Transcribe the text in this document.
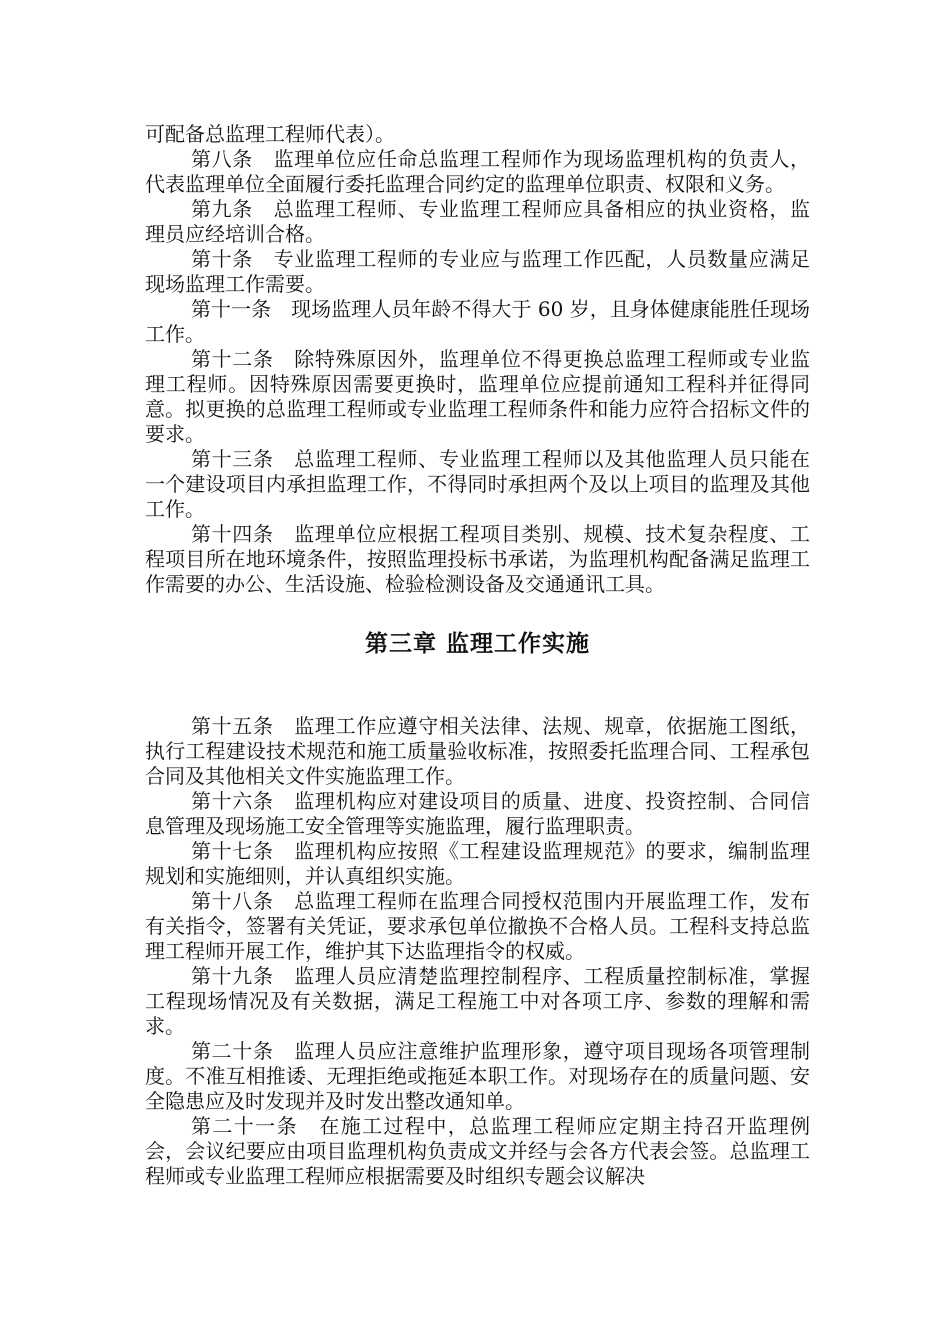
可配备总监理工程师代表）。

第八条　监理单位应任命总监理工程师作为现场监理机构的负责人，代表监理单位全面履行委托监理合同约定的监理单位职责、权限和义务。

第九条　总监理工程师、专业监理工程师应具备相应的执业资格，监理员应经培训合格。

第十条　专业监理工程师的专业应与监理工作匹配，人员数量应满足现场监理工作需要。

第十一条　现场监理人员年龄不得大于 60 岁，且身体健康能胜任现场工作。

第十二条　除特殊原因外，监理单位不得更换总监理工程师或专业监理工程师。因特殊原因需要更换时，监理单位应提前通知工程科并征得同意。拟更换的总监理工程师或专业监理工程师条件和能力应符合招标文件的要求。

第十三条　总监理工程师、专业监理工程师以及其他监理人员只能在一个建设项目内承担监理工作，不得同时承担两个及以上项目的监理及其他工作。

第十四条　监理单位应根据工程项目类别、规模、技术复杂程度、工程项目所在地环境条件，按照监理投标书承诺，为监理机构配备满足监理工作需要的办公、生活设施、检验检测设备及交通通讯工具。

第三章 监理工作实施

第十五条　监理工作应遵守相关法律、法规、规章，依据施工图纸，执行工程建设技术规范和施工质量验收标准，按照委托监理合同、工程承包合同及其他相关文件实施监理工作。

第十六条　监理机构应对建设项目的质量、进度、投资控制、合同信息管理及现场施工安全管理等实施监理，履行监理职责。

第十七条　监理机构应按照《工程建设监理规范》的要求，编制监理规划和实施细则，并认真组织实施。

第十八条　总监理工程师在监理合同授权范围内开展监理工作，发布有关指令，签署有关凭证，要求承包单位撤换不合格人员。工程科支持总监理工程师开展工作，维护其下达监理指令的权威。

第十九条　监理人员应清楚监理控制程序、工程质量控制标准，掌握工程现场情况及有关数据，满足工程施工中对各项工序、参数的理解和需求。

第二十条　监理人员应注意维护监理形象，遵守项目现场各项管理制度。不准互相推诿、无理拒绝或拖延本职工作。对现场存在的质量问题、安全隐患应及时发现并及时发出整改通知单。

第二十一条　在施工过程中，总监理工程师应定期主持召开监理例会，会议纪要应由项目监理机构负责成文并经与会各方代表会签。总监理工程师或专业监理工程师应根据需要及时组织专题会议解决
